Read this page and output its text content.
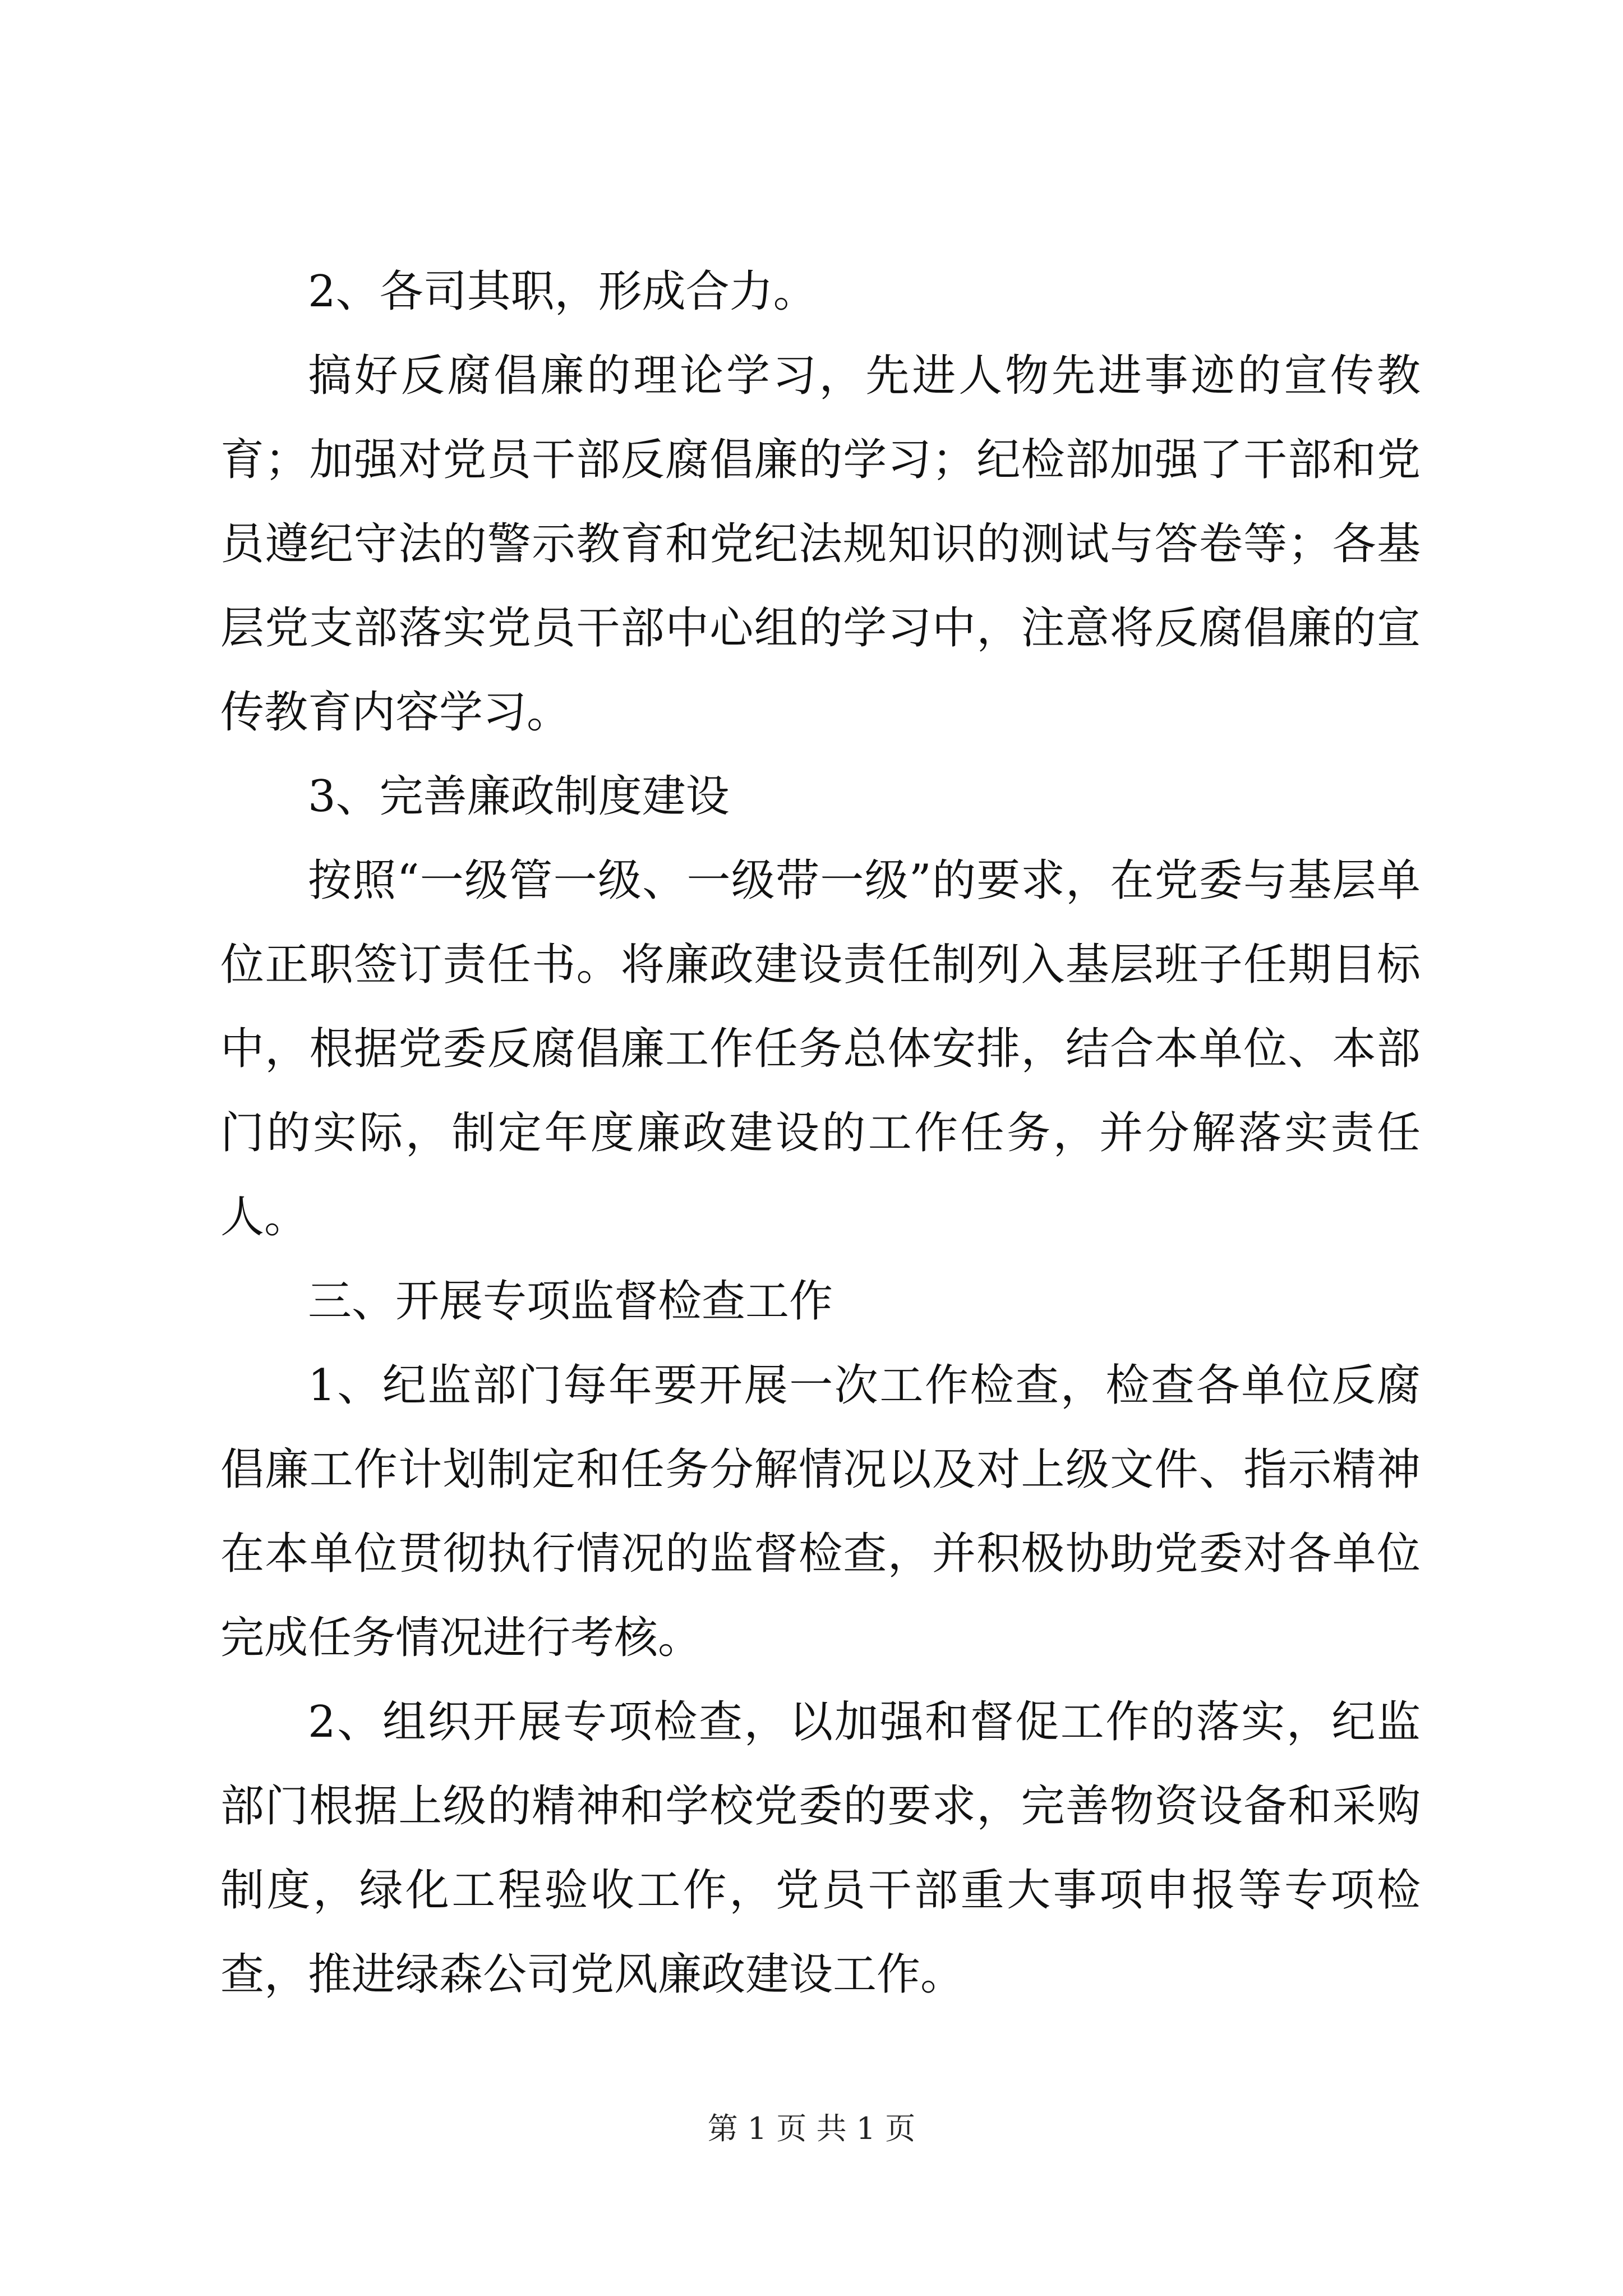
2、各司其职，形成合力。

搞好反腐倡廉的理论学习，先进人物先进事迹的宣传教育；加强对党员干部反腐倡廉的学习；纪检部加强了干部和党员遵纪守法的警示教育和党纪法规知识的测试与答卷等；各基层党支部落实党员干部中心组的学习中，注意将反腐倡廉的宣传教育内容学习。

3、完善廉政制度建设

按照“一级管一级、一级带一级”的要求，在党委与基层单位正职签订责任书。将廉政建设责任制列入基层班子任期目标中，根据党委反腐倡廉工作任务总体安排，结合本单位、本部门的实际，制定年度廉政建设的工作任务，并分解落实责任人。

三、开展专项监督检查工作

1、纪监部门每年要开展一次工作检查，检查各单位反腐倡廉工作计划制定和任务分解情况以及对上级文件、指示精神在本单位贯彻执行情况的监督检查，并积极协助党委对各单位完成任务情况进行考核。

2、组织开展专项检查，以加强和督促工作的落实，纪监部门根据上级的精神和学校党委的要求，完善物资设备和采购制度，绿化工程验收工作，党员干部重大事项申报等专项检查，推进绿森公司党风廉政建设工作。

第 1 页 共 1 页
